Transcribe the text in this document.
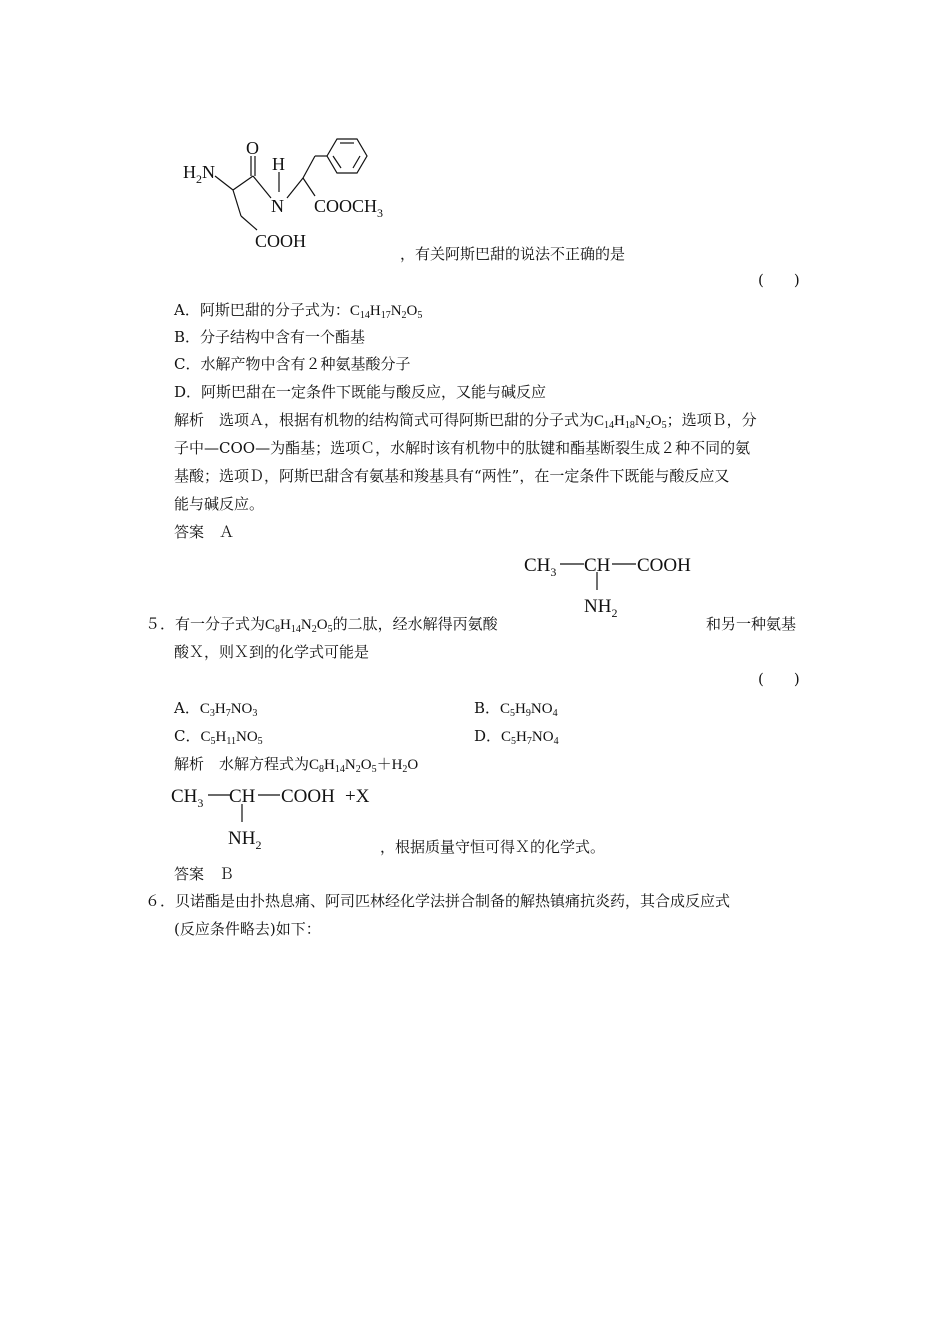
$H_2N$
O
H
N $COOCH_3$
COOH
，有关阿斯巴甜的说法不正确的是
(　　)
A．阿斯巴甜的分子式为：$C_{14}H_{17}N_2O_5$
B．分子结构中含有一个酯基
C．水解产物中含有２种氨基酸分子
D．阿斯巴甜在一定条件下既能与酸反应，又能与碱反应
解析　选项Ａ，根据有机物的结构简式可得阿斯巴甜的分子式为$C_{14}H_{18}N_2O_5$；选项Ｂ，分
子中—COO—为酯基；选项Ｃ，水解时该有机物中的肽键和酯基断裂生成２种不同的氨
基酸；选项Ｄ，阿斯巴甜含有氨基和羧基具有“两性”，在一定条件下既能与酸反应又
能与碱反应。
答案　Ａ
$CH_3$ CH COOH
$NH_2$
５．有一分子式为$C_8H_{14}N_2O_5$的二肽，经水解得丙氨酸	和另一种氨基
酸Ｘ，则Ｘ到的化学式可能是
(　　)
A．$C_3H_7NO_3$	B．$C_5H_9NO_4$
C．$C_5H_{11}NO_5$	D．$C_5H_7NO_4$
解析　水解方程式为$C_8H_{14}N_2O_5+H_2O$
$CH_3$ CH COOH +X
$NH_2$	，根据质量守恒可得Ｘ的化学式。
答案　Ｂ
６．贝诺酯是由扑热息痛、阿司匹林经化学法拼合制备的解热镇痛抗炎药，其合成反应式
(反应条件略去)如下：
